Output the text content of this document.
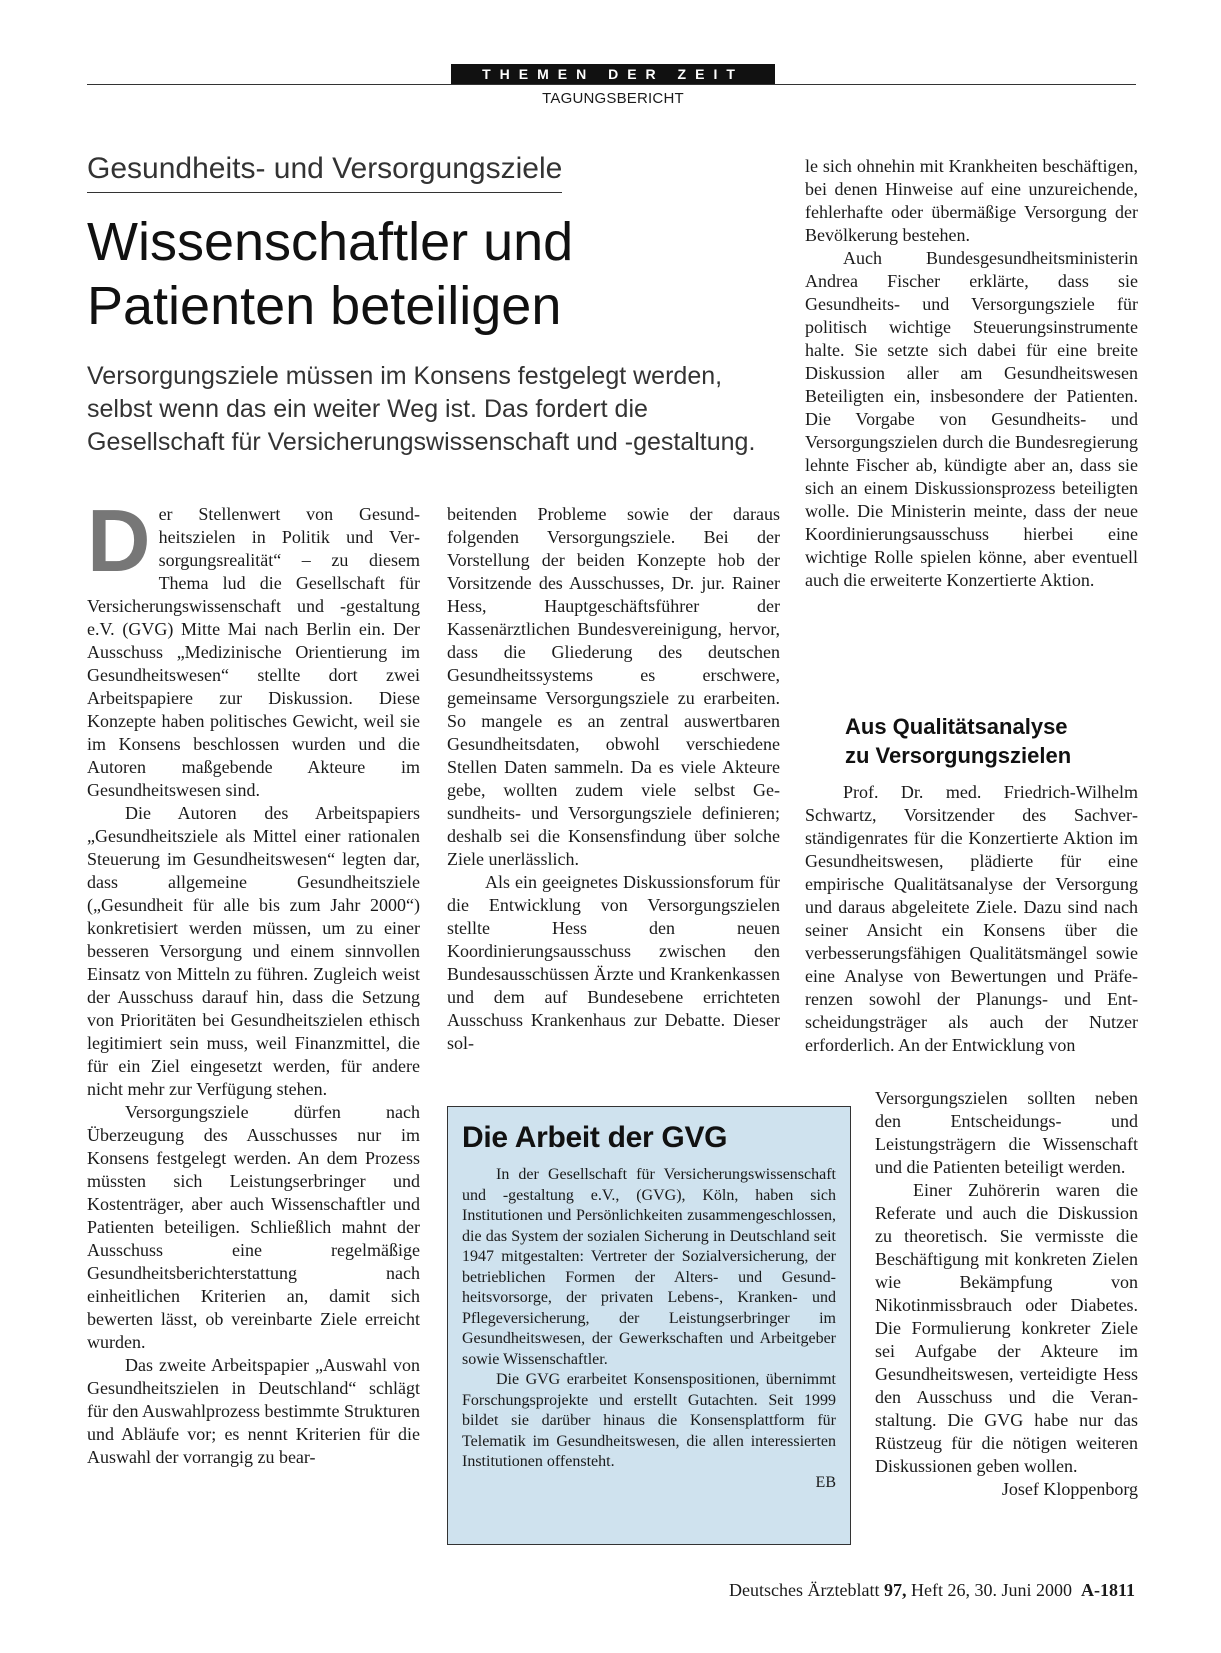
THEMEN DER ZEIT
TAGUNGSBERICHT
Gesundheits- und Versorgungsziele
Wissenschaftler und
Patienten beteiligen
Versorgungsziele müssen im Konsens festgelegt werden, selbst wenn das ein weiter Weg ist. Das fordert die Gesellschaft für Versicherungswissenschaft und -gestaltung.
D er Stellenwert von Gesundheitszielen in Politik und Versorgungsrealität“ – zu diesem Thema lud die Gesellschaft für Versicherungswissenschaft und -gestaltung e.V. (GVG) Mitte Mai nach Berlin ein. Der Ausschuss „Medizinische Orientierung im Gesundheitswesen“ stellte dort zwei Arbeitspapiere zur Diskussion. Diese Konzepte haben politisches Gewicht, weil sie im Konsens beschlossen wurden und die Autoren maßgebende Akteure im Gesundheitswesen sind.

Die Autoren des Arbeitspapiers „Gesundheitsziele als Mittel einer rationalen Steuerung im Gesundheitswesen“ legten dar, dass allgemeine Gesundheitsziele („Gesundheit für alle bis zum Jahr 2000“) konkretisiert werden müssen, um zu einer besseren Versorgung und einem sinnvollen Einsatz von Mitteln zu führen. Zugleich weist der Ausschuss darauf hin, dass die Setzung von Prioritäten bei Gesundheitszielen ethisch legitimiert sein muss, weil Finanzmittel, die für ein Ziel eingesetzt werden, für andere nicht mehr zur Verfügung stehen.

Versorgungsziele dürfen nach Überzeugung des Ausschusses nur im Konsens festgelegt werden. An dem Prozess müssten sich Leistungserbringer und Kostenträger, aber auch Wissenschaftler und Patienten beteiligen. Schließlich mahnt der Ausschuss eine regelmäßige Gesundheitsberichterstattung nach einheitlichen Kriterien an, damit sich bewerten lässt, ob vereinbarte Ziele erreicht wurden.

Das zweite Arbeitspapier „Auswahl von Gesundheitszielen in Deutschland“ schlägt für den Auswahlprozess bestimmte Strukturen und Abläufe vor; es nennt Kriterien für die Auswahl der vorrangig zu bear-

beitenden Probleme sowie der daraus folgenden Versorgungsziele. Bei der Vorstellung der beiden Konzepte hob der Vorsitzende des Ausschusses, Dr. jur. Rainer Hess, Hauptgeschäftsführer der Kassenärztlichen Bundesvereinigung, hervor, dass die Gliederung des deutschen Gesundheitssystems es erschwere, gemeinsame Versorgungsziele zu erarbeiten. So mangele es an zentral auswertbaren Gesundheitsdaten, obwohl verschiedene Stellen Daten sammeln. Da es viele Akteure gebe, wollten zudem viele selbst Gesundheits- und Versorgungsziele definieren; deshalb sei die Konsensfindung über solche Ziele unerlässlich.

Als ein geeignetes Diskussionsforum für die Entwicklung von Versorgungszielen stellte Hess den neuen Koordinierungsausschuss zwischen den Bundesausschüssen Ärzte und Krankenkassen und dem auf Bundesebene errichteten Ausschuss Krankenhaus zur Debatte. Dieser sol-

le sich ohnehin mit Krankheiten beschäftigen, bei denen Hinweise auf eine unzureichende, fehlerhafte oder übermäßige Versorgung der Bevölkerung bestehen.

Auch Bundesgesundheitsministerin Andrea Fischer erklärte, dass sie Gesundheits- und Versorgungsziele für politisch wichtige Steuerungsinstrumente halte. Sie setzte sich dabei für eine breite Diskussion aller am Gesundheitswesen Beteiligten ein, insbesondere der Patienten. Die Vorgabe von Gesundheits- und Versorgungszielen durch die Bundesregierung lehnte Fischer ab, kündigte aber an, dass sie sich an einem Diskussionsprozess beteiligten wolle. Die Ministerin meinte, dass der neue Koordinierungsausschuss hierbei eine wichtige Rolle spielen könne, aber eventuell auch die erweiterte Konzertierte Aktion.

Aus Qualitätsanalyse
zu Versorgungszielen

Prof. Dr. med. Friedrich-Wilhelm Schwartz, Vorsitzender des Sachverständigenrates für die Konzertierte Aktion im Gesundheitswesen, plädierte für eine empirische Qualitätsanalyse der Versorgung und daraus abgeleitete Ziele. Dazu sind nach seiner Ansicht ein Konsens über die verbesserungsfähigen Qualitätsmängel sowie eine Analyse von Bewertungen und Präferenzen sowohl der Planungs- und Entscheidungsträger als auch der Nutzer erforderlich. An der Entwicklung von

Versorgungszielen sollten neben den Entscheidungs- und Leistungsträgern die Wissenschaft und die Patienten beteiligt werden.

Einer Zuhörerin waren die Referate und auch die Diskussion zu theoretisch. Sie vermisste die Beschäftigung mit konkreten Zielen wie Bekämpfung von Nikotinmissbrauch oder Diabetes. Die Formulierung konkreter Ziele sei Aufgabe der Akteure im Gesundheitswesen, verteidigte Hess den Ausschuss und die Veranstaltung. Die GVG habe nur das Rüstzeug für die nötigen weiteren Diskussionen geben wollen.
Josef Kloppenborg

Die Arbeit der GVG

In der Gesellschaft für Versicherungswissenschaft und -gestaltung e.V., (GVG), Köln, haben sich Institutionen und Persönlichkeiten zusammengeschlossen, die das System der sozialen Sicherung in Deutschland seit 1947 mitgestalten: Vertreter der Sozialversicherung, der betrieblichen Formen der Alters- und Gesundheitsvorsorge, der privaten Lebens-, Kranken- und Pflegeversicherung, der Leistungserbringer im Gesundheitswesen, der Gewerkschaften und Arbeitgeber sowie Wissenschaftler.

Die GVG erarbeitet Konsenspositionen, übernimmt Forschungsprojekte und erstellt Gutachten. Seit 1999 bildet sie darüber hinaus die Konsensplattform für Telematik im Gesundheitswesen, die allen interessierten Institutionen offensteht.

EB
Deutsches Ärzteblatt 97, Heft 26, 30. Juni 2000 A-1811
